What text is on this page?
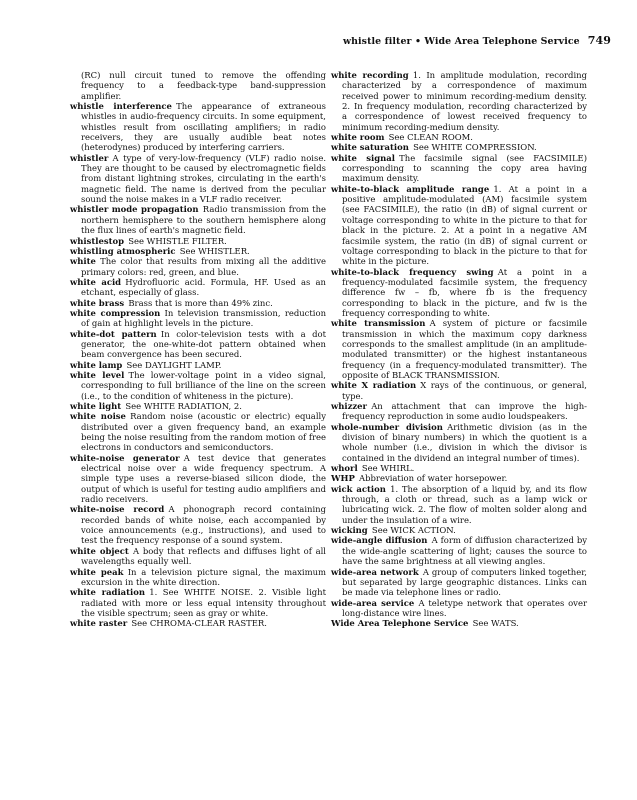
whistle filter • Wide Area Telephone Service 749

(RC) null circuit tuned to remove the offending frequency to a feedback-type band-suppression amplifier.

whistle interference  The appearance of extraneous whistles in audio-frequency circuits. In some equipment, whistles result from oscillating amplifiers; in radio receivers, they are usually audible beat notes (heterodynes) produced by interfering carriers.

whistler  A type of very-low-frequency (VLF) radio noise. They are thought to be caused by electromagnetic fields from distant lightning strokes, circulating in the earth's magnetic field. The name is derived from the peculiar sound the noise makes in a VLF radio receiver.

whistler mode propagation  Radio transmission from the northern hemisphere to the southern hemisphere along the flux lines of earth's magnetic field.

whistlestop  See WHISTLE FILTER.

whistling atmospheric  See WHISTLER.

white  The color that results from mixing all the additive primary colors: red, green, and blue.

white acid  Hydrofluoric acid. Formula, HF. Used as an etchant, especially of glass.

white brass  Brass that is more than 49% zinc.

white compression  In television transmission, reduction of gain at highlight levels in the picture.

white-dot pattern  In color-television tests with a dot generator, the one-white-dot pattern obtained when beam convergence has been secured.

white lamp  See DAYLIGHT LAMP.

white level  The lower-voltage point in a video signal, corresponding to full brilliance of the line on the screen (i.e., to the condition of whiteness in the picture).

white light  See WHITE RADIATION, 2.

white noise  Random noise (acoustic or electric) equally distributed over a given frequency band, an example being the noise resulting from the random motion of free electrons in conductors and semiconductors.

white-noise generator  A test device that generates electrical noise over a wide frequency spectrum. A simple type uses a reverse-biased silicon diode, the output of which is useful for testing audio amplifiers and radio receivers.

white-noise record  A phonograph record containing recorded bands of white noise, each accompanied by voice announcements (e.g., instructions), and used to test the frequency response of a sound system.

white object  A body that reflects and diffuses light of all wavelengths equally well.

white peak  In a television picture signal, the maximum excursion in the white direction.

white radiation  1. See WHITE NOISE. 2. Visible light radiated with more or less equal intensity throughout the visible spectrum; seen as gray or white.

white raster  See CHROMA-CLEAR RASTER.

white recording  1. In amplitude modulation, recording characterized by a correspondence of maximum received power to minimum recording-medium density. 2. In frequency modulation, recording characterized by a correspondence of lowest received frequency to minimum recording-medium density.

white room  See CLEAN ROOM.

white saturation  See WHITE COMPRESSION.

white signal  The facsimile signal (see FACSIMILE) corresponding to scanning the copy area having maximum density.

white-to-black amplitude range  1. At a point in a positive amplitude-modulated (AM) facsimile system (see FACSIMILE), the ratio (in dB) of signal current or voltage corresponding to white in the picture to that for black in the picture. 2. At a point in a negative AM facsimile system, the ratio (in dB) of signal current or voltage corresponding to black in the picture to that for white in the picture.

white-to-black frequency swing  At a point in a frequency-modulated facsimile system, the frequency difference fw – fb, where fb is the frequency corresponding to black in the picture, and fw is the frequency corresponding to white.

white transmission  A system of picture or facsimile transmission in which the maximum copy darkness corresponds to the smallest amplitude (in an amplitude-modulated transmitter) or the highest instantaneous frequency (in a frequency-modulated transmitter). The opposite of BLACK TRANSMISSION.

white X radiation  X rays of the continuous, or general, type.

whizzer  An attachment that can improve the high-frequency reproduction in some audio loudspeakers.

whole-number division  Arithmetic division (as in the division of binary numbers) in which the quotient is a whole number (i.e., division in which the divisor is contained in the dividend an integral number of times).

whorl  See WHIRL.

WHP  Abbreviation of water horsepower.

wick action  1. The absorption of a liquid by, and its flow through, a cloth or thread, such as a lamp wick or lubricating wick. 2. The flow of molten solder along and under the insulation of a wire.

wicking  See WICK ACTION.

wide-angle diffusion  A form of diffusion characterized by the wide-angle scattering of light; causes the source to have the same brightness at all viewing angles.

wide-area network  A group of computers linked together, but separated by large geographic distances. Links can be made via telephone lines or radio.

wide-area service  A teletype network that operates over long-distance wire lines.

Wide Area Telephone Service  See WATS.
